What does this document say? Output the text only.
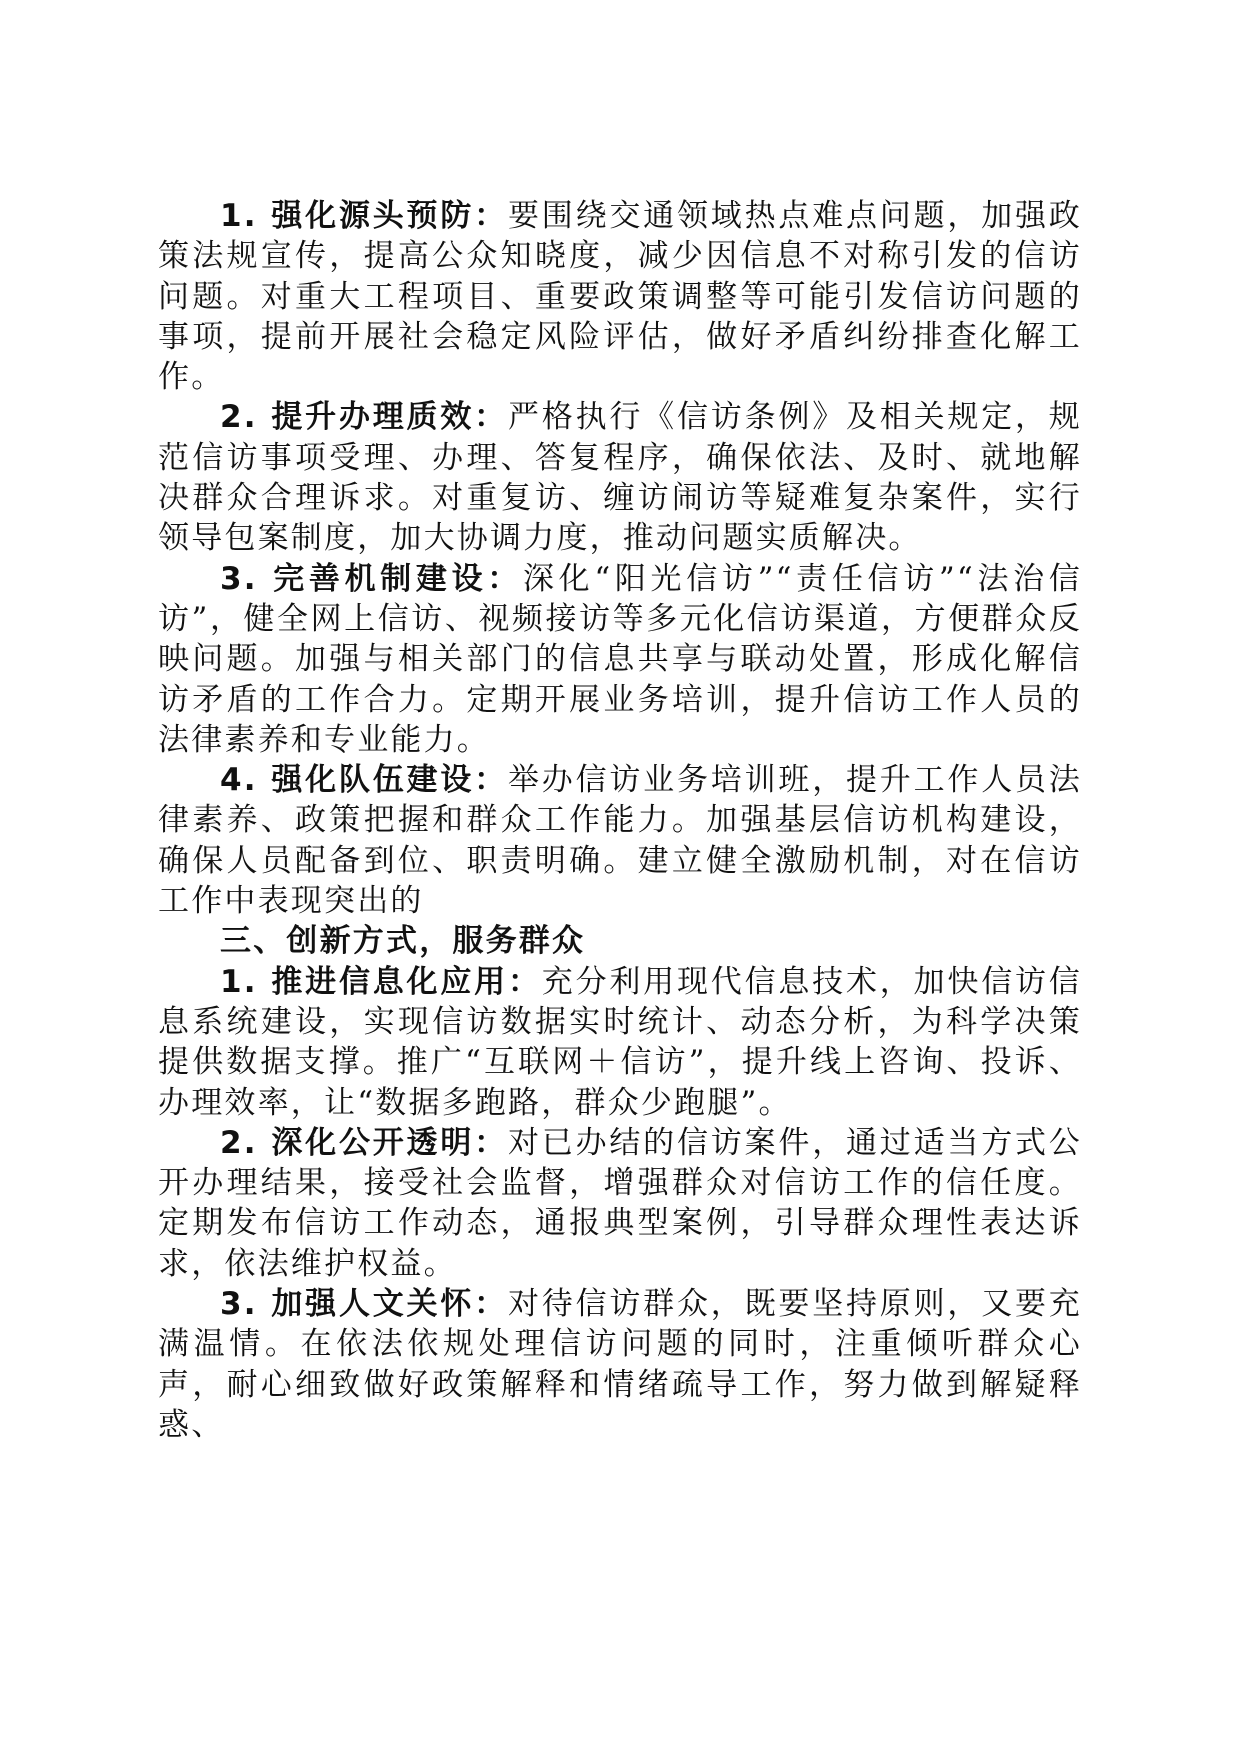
1. 强化源头预防：要围绕交通领域热点难点问题，加强政策法规宣传，提高公众知晓度，减少因信息不对称引发的信访问题。对重大工程项目、重要政策调整等可能引发信访问题的事项，提前开展社会稳定风险评估，做好矛盾纠纷排查化解工作。

2. 提升办理质效：严格执行《信访条例》及相关规定，规范信访事项受理、办理、答复程序，确保依法、及时、就地解决群众合理诉求。对重复访、缠访闹访等疑难复杂案件，实行领导包案制度，加大协调力度，推动问题实质解决。

3. 完善机制建设：深化“阳光信访”“责任信访”“法治信访”，健全网上信访、视频接访等多元化信访渠道，方便群众反映问题。加强与相关部门的信息共享与联动处置，形成化解信访矛盾的工作合力。定期开展业务培训，提升信访工作人员的法律素养和专业能力。

4. 强化队伍建设：举办信访业务培训班，提升工作人员法律素养、政策把握和群众工作能力。加强基层信访机构建设，确保人员配备到位、职责明确。建立健全激励机制，对在信访工作中表现突出的

三、创新方式，服务群众

1. 推进信息化应用：充分利用现代信息技术，加快信访信息系统建设，实现信访数据实时统计、动态分析，为科学决策提供数据支撑。推广“互联网＋信访”，提升线上咨询、投诉、办理效率，让“数据多跑路，群众少跑腿”。

2. 深化公开透明：对已办结的信访案件，通过适当方式公开办理结果，接受社会监督，增强群众对信访工作的信任度。定期发布信访工作动态，通报典型案例，引导群众理性表达诉求，依法维护权益。

3. 加强人文关怀：对待信访群众，既要坚持原则，又要充满温情。在依法依规处理信访问题的同时，注重倾听群众心声，耐心细致做好政策解释和情绪疏导工作，努力做到解疑释惑、
